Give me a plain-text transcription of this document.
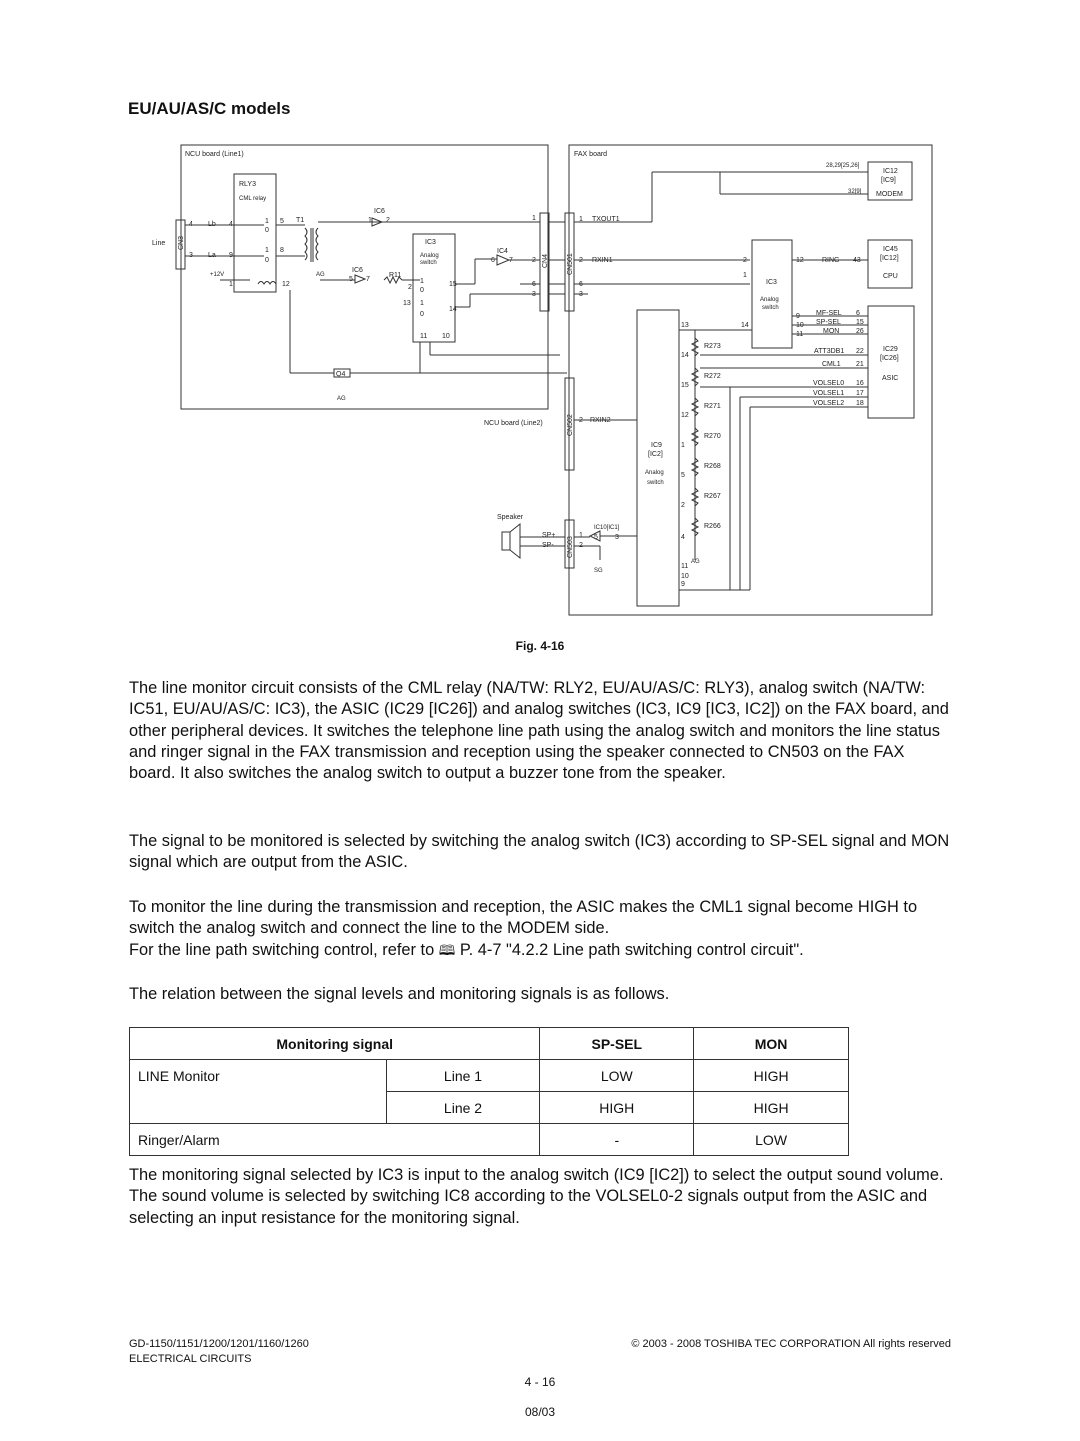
EU/AU/AS/C models
NCU board (Line1)	FAX board
Line CN3
4
3
Lb
La
RLY3
CML relay
1
0
1
0
5
8
4
9
+12V
1	12
T1
AG
IC6
1 2	1
IC3
Analog
switch
1
0
15
13 1
0
14
11 10
IC6
5 7
R11
2
IC4
6 7	2 CN4	CN501
6
3
1 TXOUT1
2 RXIN1
6
3
Q4
AG
IC3
Analog
switch
2
1
14
12
9
10
11
IC12
[IC9]
MODEM
28,29[25,26]
32[9]
IC45
[IC12]
CPU
RING 43
IC29
[IC26]
ASIC
MF-SEL 6
SP-SEL 15
MON 26
ATT3DB1 22
CML1 21
VOLSEL0 16
VOLSEL1 17
VOLSEL2 18
IC9
[IC2]
Analog
switch
R273
R272
R271
R270
R268
R267
R266
13
14
15
12
1
5
2
4
11
10
9
AG
CN502
NCU board (Line2)	2 RXIN2
CN503
Speaker
SP+
SP-
1
2
IC10[IC1]
5 3
SG
Fig. 4-16

The line monitor circuit consists of the CML relay (NA/TW: RLY2, EU/AU/AS/C: RLY3), analog switch (NA/TW: IC51, EU/AU/AS/C: IC3), the ASIC (IC29 [IC26]) and analog switches (IC3, IC9 [IC3, IC2]) on the FAX board, and other peripheral devices. It switches the telephone line path using the analog switch and monitors the line status and ringer signal in the FAX transmission and reception using the speaker connected to CN503 on the FAX board. It also switches the analog switch to output a buzzer tone from the speaker.

The signal to be monitored is selected by switching the analog switch (IC3) according to SP-SEL signal and MON signal which are output from the ASIC.

To monitor the line during the transmission and reception, the ASIC makes the CML1 signal become HIGH to switch the analog switch and connect the line to the MODEM side.

For the line path switching control, refer to 🕮 P. 4-7 "4.2.2 Line path switching control circuit".

The relation between the signal levels and monitoring signals is as follows.

Monitoring signal		SP-SEL	MON
LINE Monitor	Line 1	LOW	HIGH
	Line 2	HIGH	HIGH
Ringer/Alarm		-	LOW

The monitoring signal selected by IC3 is input to the analog switch (IC9 [IC2]) to select the output sound volume. The sound volume is selected by switching IC8 according to the VOLSEL0-2 signals output from the ASIC and selecting an input resistance for the monitoring signal.

GD-1150/1151/1200/1201/1160/1260
ELECTRICAL CIRCUITS
© 2003 - 2008 TOSHIBA TEC CORPORATION All rights reserved
4 - 16
08/03
